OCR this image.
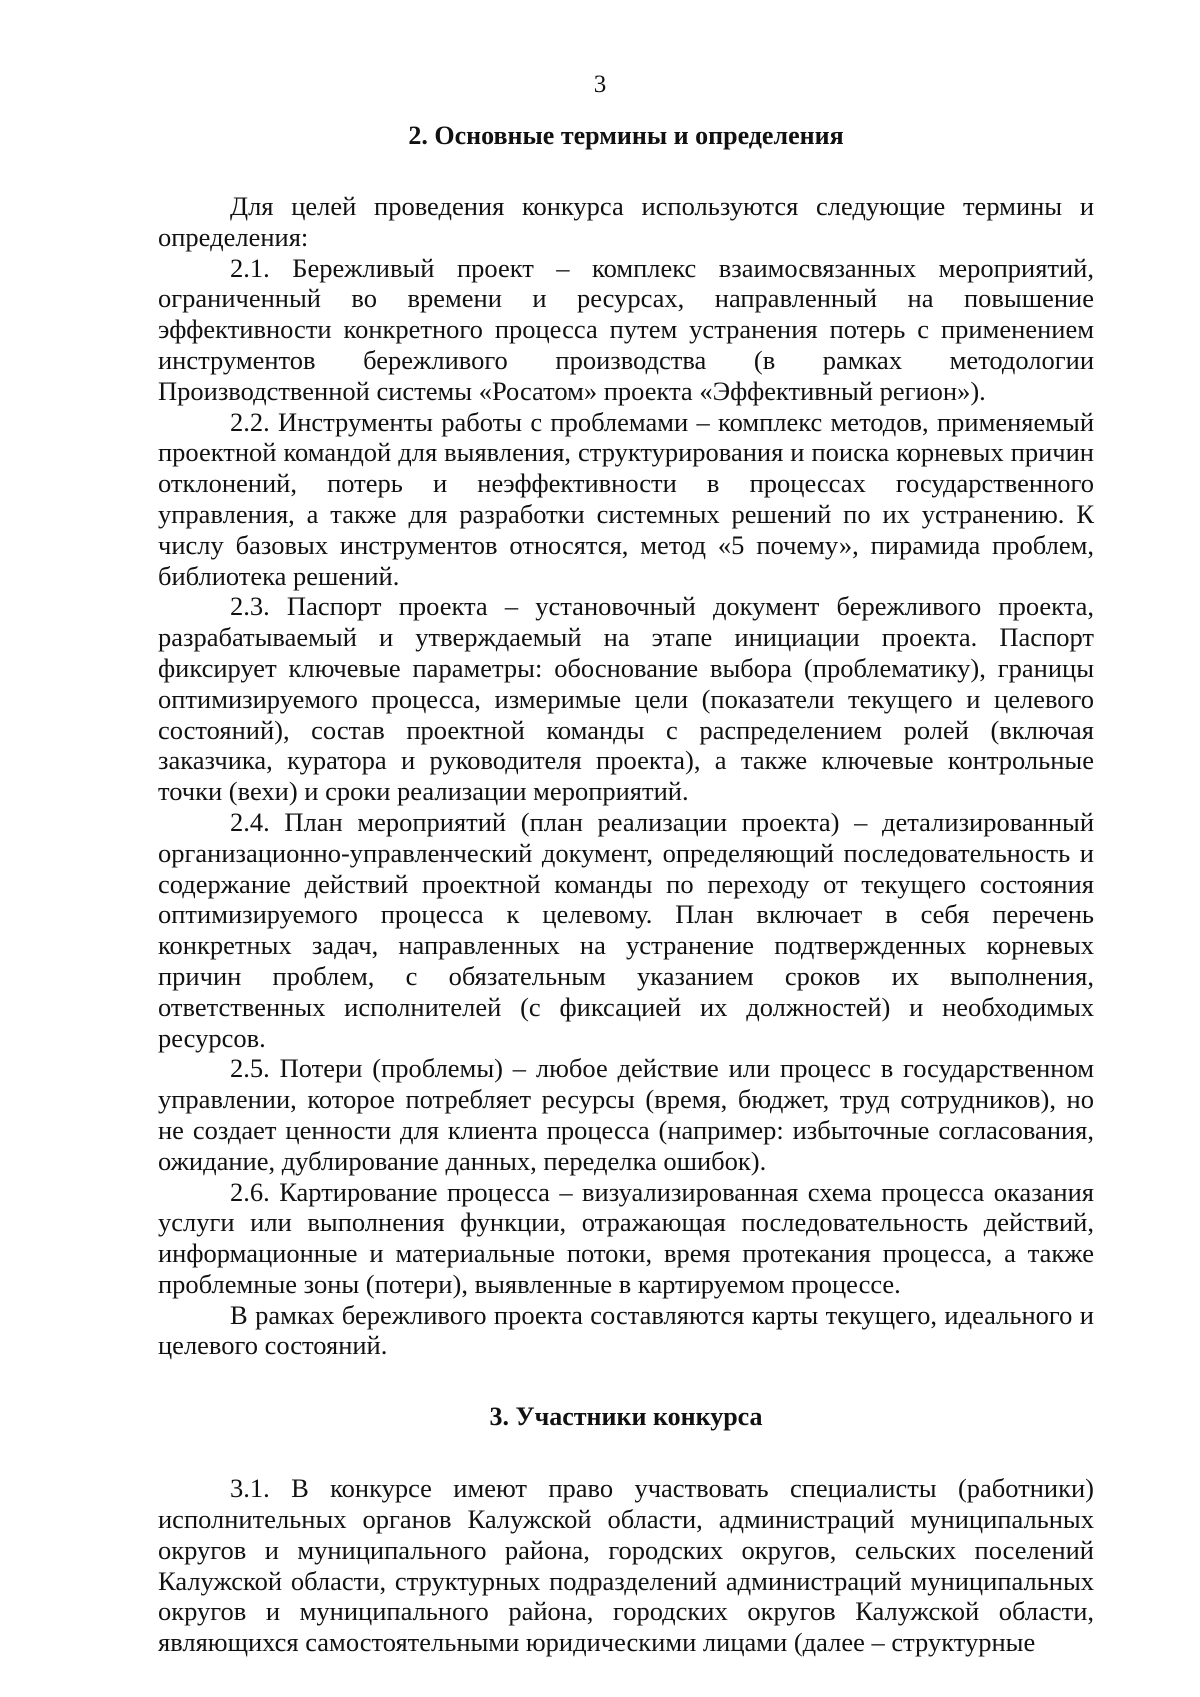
3
2. Основные термины и определения

Для целей проведения конкурса используются следующие термины и определения:

2.1. Бережливый проект – комплекс взаимосвязанных мероприятий, ограниченный во времени и ресурсах, направленный на повышение эффективности конкретного процесса путем устранения потерь с применением инструментов бережливого производства (в рамках методологии Производственной системы «Росатом» проекта «Эффективный регион»).

2.2. Инструменты работы с проблемами – комплекс методов, применяемый проектной командой для выявления, структурирования и поиска корневых причин отклонений, потерь и неэффективности в процессах государственного управления, а также для разработки системных решений по их устранению. К числу базовых инструментов относятся, метод «5 почему», пирамида проблем, библиотека решений.

2.3. Паспорт проекта – установочный документ бережливого проекта, разрабатываемый и утверждаемый на этапе инициации проекта. Паспорт фиксирует ключевые параметры: обоснование выбора (проблематику), границы оптимизируемого процесса, измеримые цели (показатели текущего и целевого состояний), состав проектной команды с распределением ролей (включая заказчика, куратора и руководителя проекта), а также ключевые контрольные точки (вехи) и сроки реализации мероприятий.

2.4. План мероприятий (план реализации проекта) – детализированный организационно-управленческий документ, определяющий последовательность и содержание действий проектной команды по переходу от текущего состояния оптимизируемого процесса к целевому. План включает в себя перечень конкретных задач, направленных на устранение подтвержденных корневых причин проблем, с обязательным указанием сроков их выполнения, ответственных исполнителей (с фиксацией их должностей) и необходимых ресурсов.

2.5. Потери (проблемы) – любое действие или процесс в государственном управлении, которое потребляет ресурсы (время, бюджет, труд сотрудников), но не создает ценности для клиента процесса (например: избыточные согласования, ожидание, дублирование данных, переделка ошибок).

2.6. Картирование процесса – визуализированная схема процесса оказания услуги или выполнения функции, отражающая последовательность действий, информационные и материальные потоки, время протекания процесса, а также проблемные зоны (потери), выявленные в картируемом процессе.

В рамках бережливого проекта составляются карты текущего, идеального и целевого состояний.

3. Участники конкурса

3.1. В конкурсе имеют право участвовать специалисты (работники) исполнительных органов Калужской области, администраций муниципальных округов и муниципального района, городских округов, сельских поселений Калужской области, структурных подразделений администраций муниципальных округов и муниципального района, городских округов Калужской области, являющихся самостоятельными юридическими лицами (далее – структурные
